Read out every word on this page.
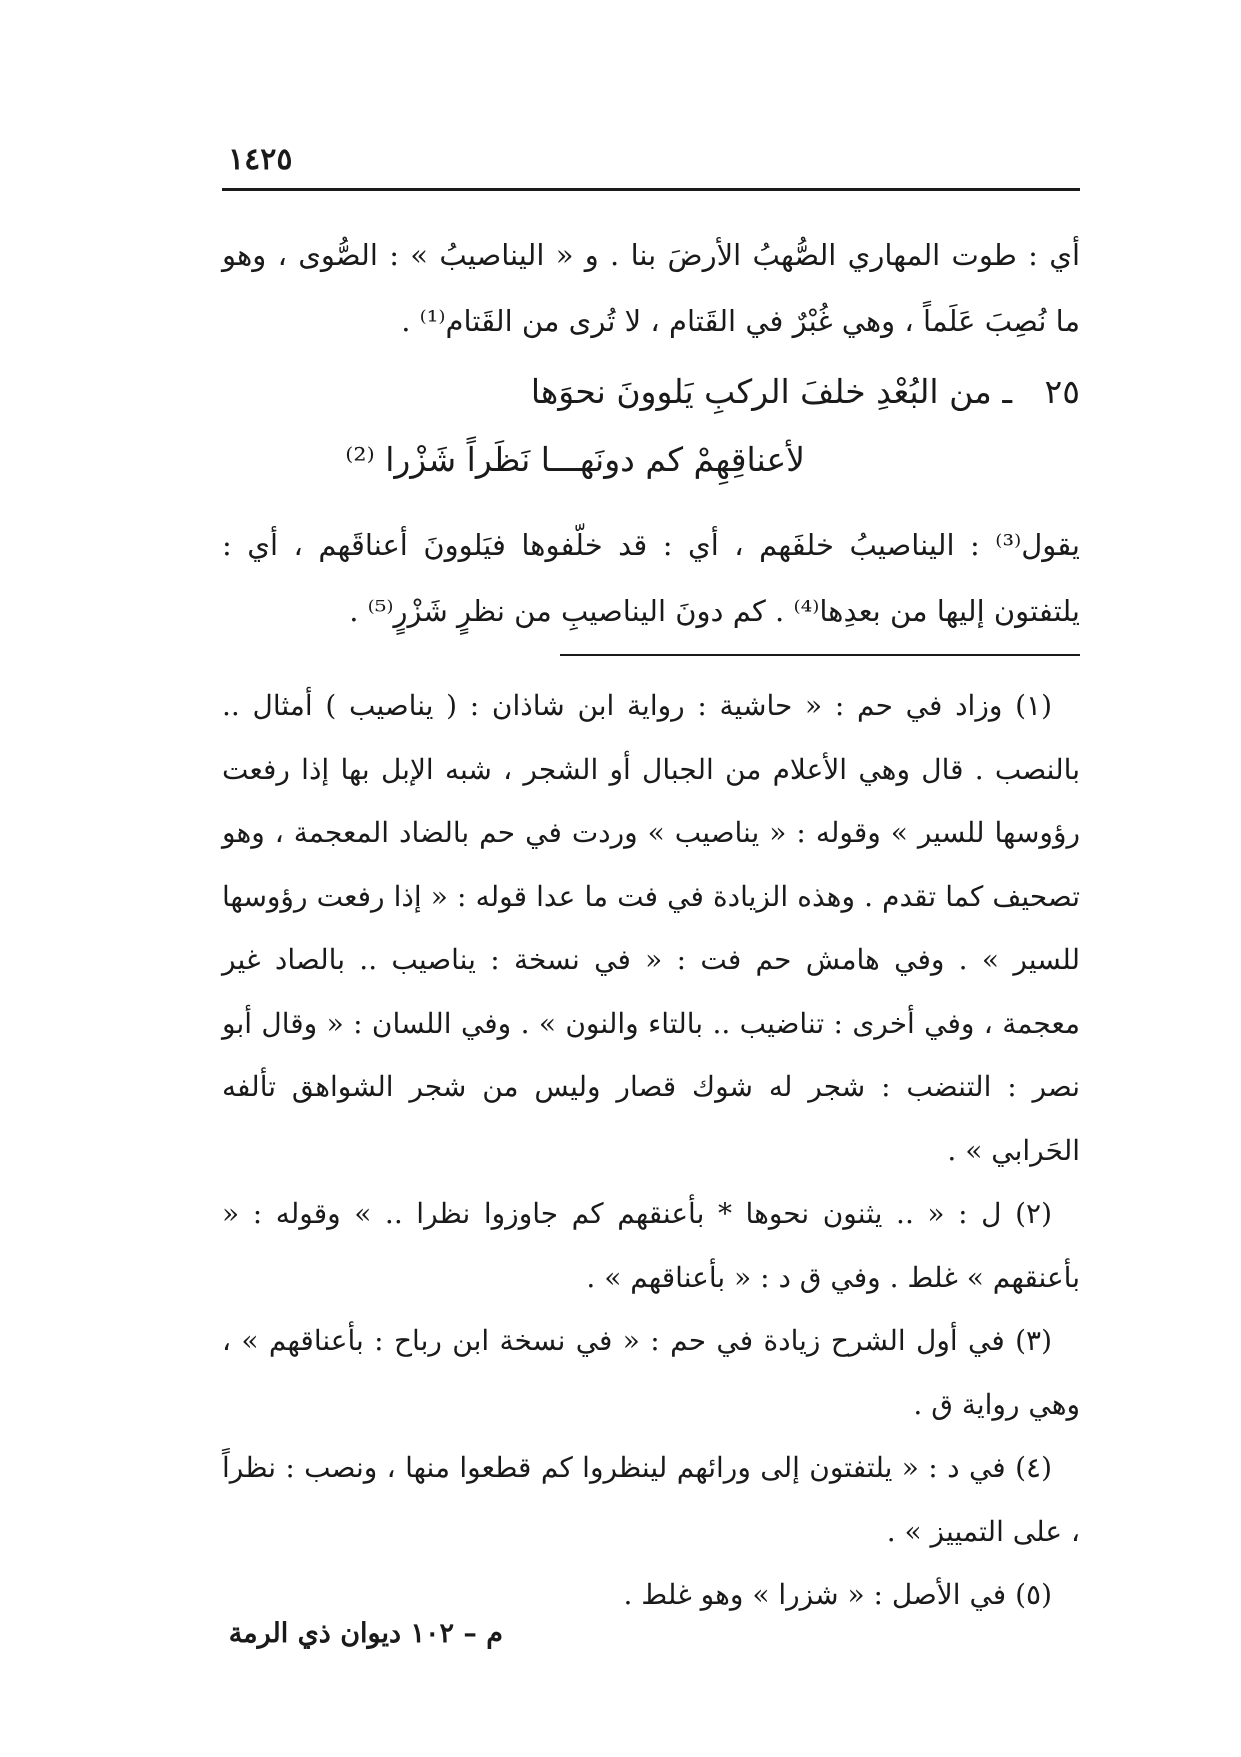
١٤٢٥

أي : طوت المهاري الصُّهبُ الأرضَ بنا . و « اليناصيبُ » : الصُّوى ، وهو ما نُصِبَ عَلَماً ، وهي غُبْرٌ في القَتام ، لا تُرى من القَتام⁽¹⁾ .

٢٥ ـ من البُعْدِ خلفَ الركبِ يَلوونَ نحوَها
لأعناقِهِمْ كم دونَهـــا نَظَراً شَزْرا ⁽²⁾

يقول⁽³⁾ : اليناصيبُ خلفَهم ، أي : قد خلّفوها فيَلوونَ أعناقَهم ، أي : يلتفتون إليها من بعدِها⁽⁴⁾ . كم دونَ اليناصيبِ من نظرٍ شَزْرٍ⁽⁵⁾ .

(١) وزاد في حم : « حاشية : رواية ابن شاذان : ( يناصيب ) أمثال .. بالنصب . قال وهي الأعلام من الجبال أو الشجر ، شبه الإبل بها إذا رفعت رؤوسها للسير » وقوله : « يناصيب » وردت في حم بالضاد المعجمة ، وهو تصحيف كما تقدم . وهذه الزيادة في فت ما عدا قوله : « إذا رفعت رؤوسها للسير » . وفي هامش حم فت : « في نسخة : يناصيب .. بالصاد غير معجمة ، وفي أخرى : تناضيب .. بالتاء والنون » . وفي اللسان : « وقال أبو نصر : التنضب : شجر له شوك قصار وليس من شجر الشواهق تألفه الحَرابي » .

(٢) ل : « .. يثنون نحوها * بأعنقهم كم جاوزوا نظرا .. » وقوله : « بأعنقهم » غلط . وفي ق د : « بأعناقهم » .

(٣) في أول الشرح زيادة في حم : « في نسخة ابن رباح : بأعناقهم » ، وهي رواية ق .

(٤) في د : « يلتفتون إلى ورائهم لينظروا كم قطعوا منها ، ونصب : نظراً ، على التمييز » .

(٥) في الأصل : « شزرا » وهو غلط .

م – ١٠٢ ديوان ذي الرمة
